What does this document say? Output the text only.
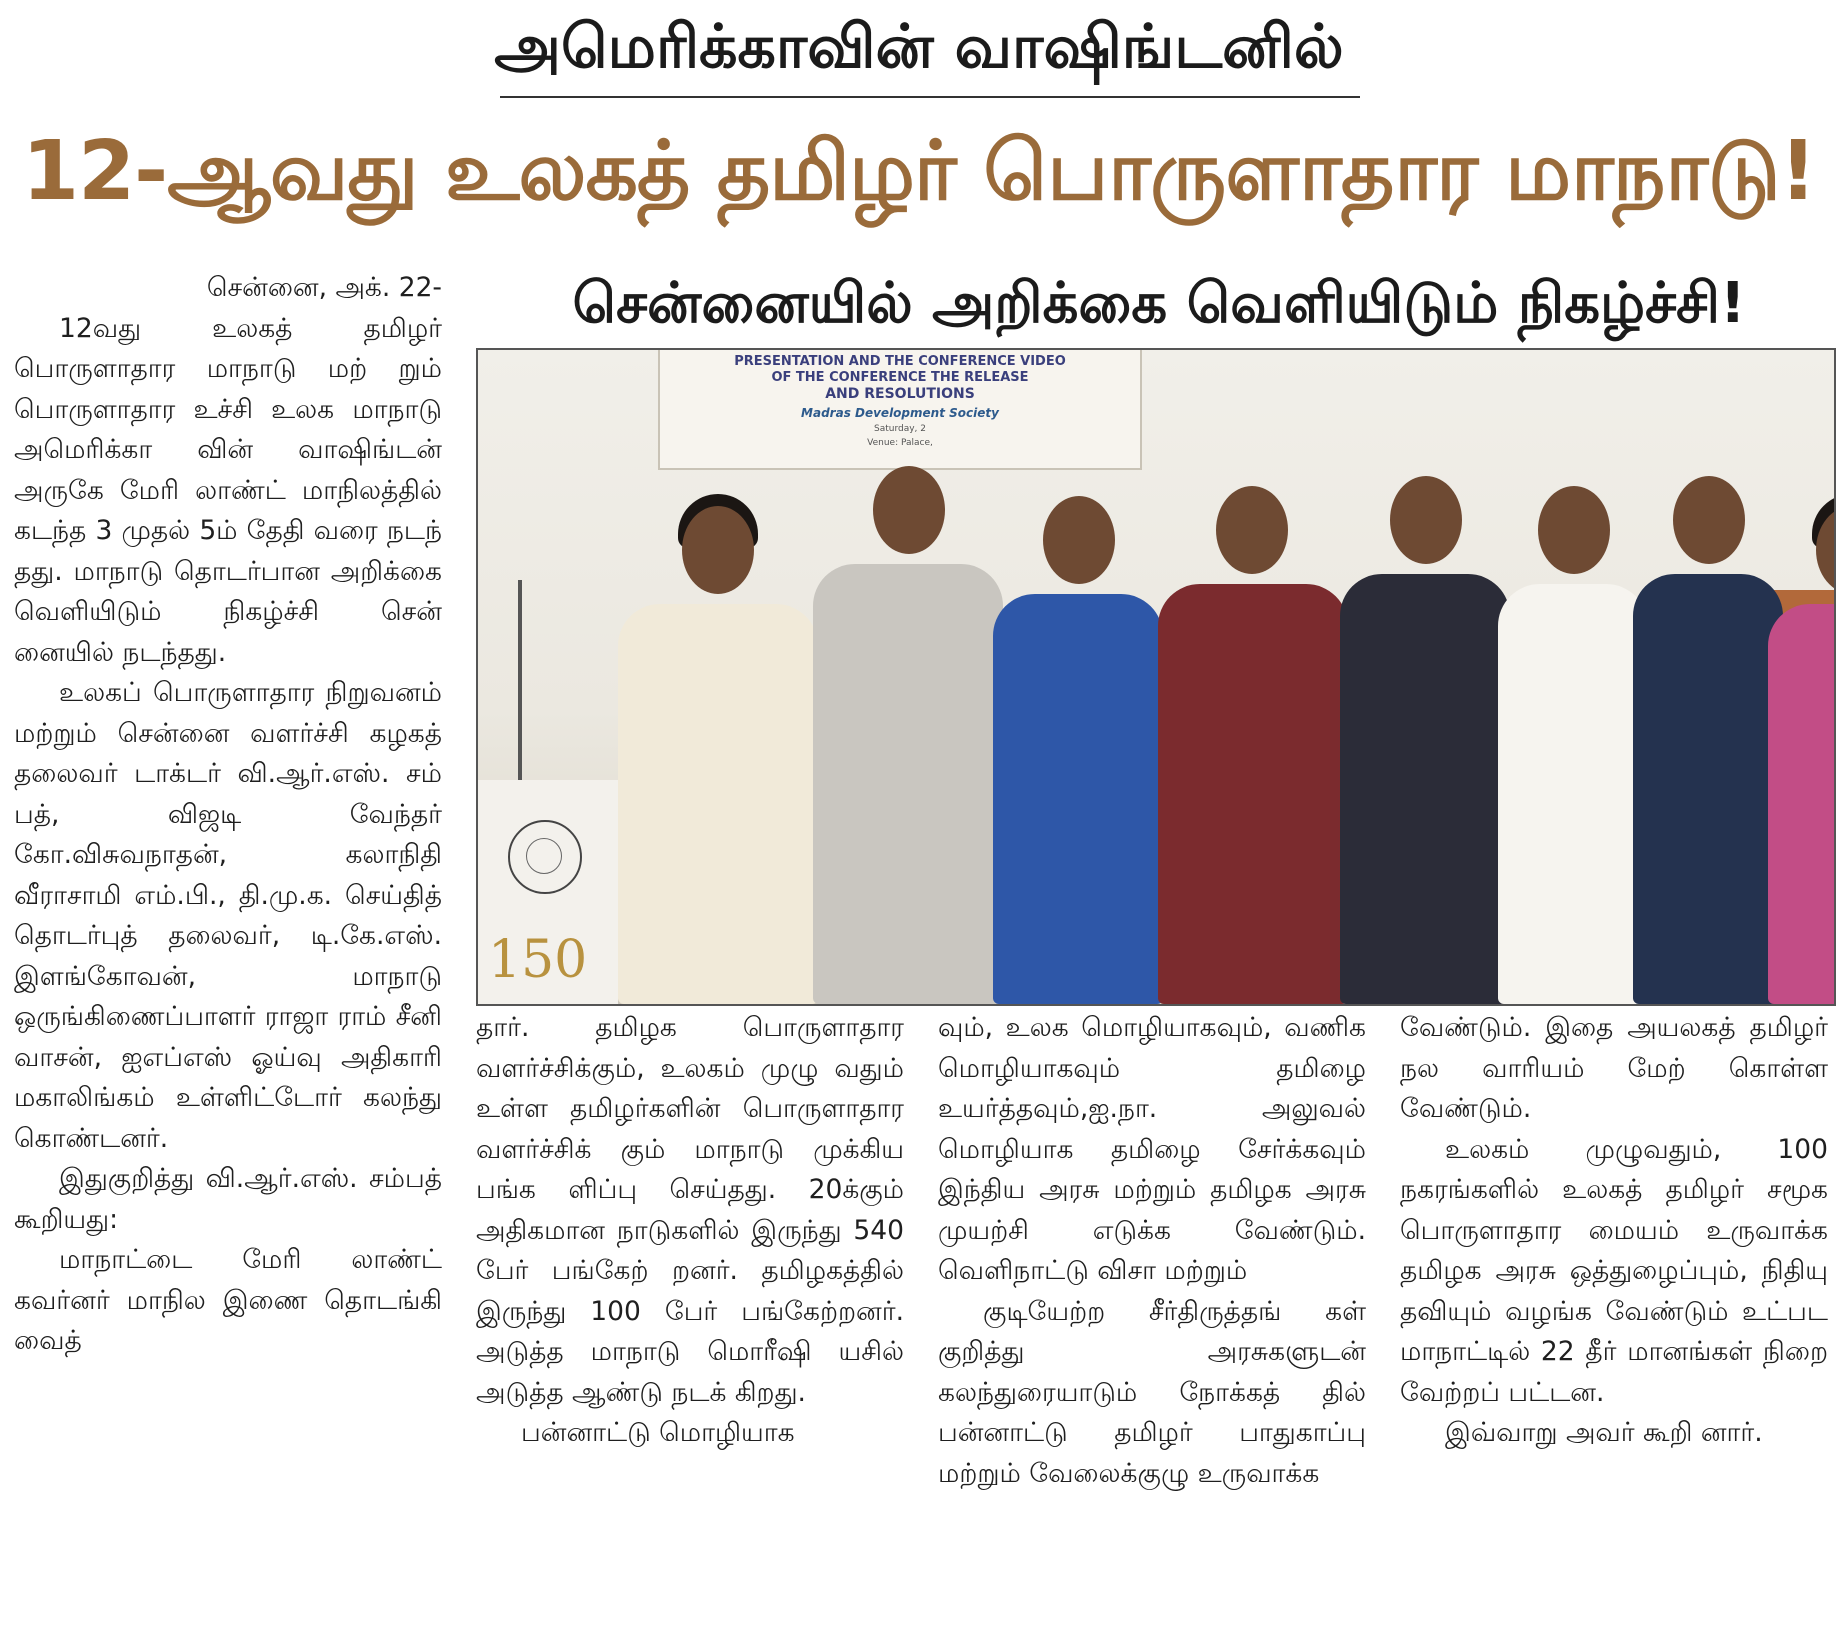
அமெரிக்காவின் வாஷிங்டனில்
12-ஆவது உலகத் தமிழர் பொருளாதார மாநாடு!
சென்னையில் அறிக்கை வெளியிடும் நிகழ்ச்சி!
PRESENTATION AND THE CONFERENCE VIDEO
OF THE CONFERENCE THE RELEASE
AND RESOLUTIONS
Madras Development Society
Saturday, 2
Venue: Palace,
150

சென்னை, அக். 22-

12வது உலகத் தமிழர் பொருளாதார மாநாடு மற் றும் பொருளாதார உச்சி உலக மாநாடு அமெரிக்கா வின் வாஷிங்டன் அருகே மேரி லாண்ட் மாநிலத்தில் கடந்த 3 முதல் 5ம் தேதி வரை நடந் தது. மாநாடு தொடர்பான அறிக்கை வெளியிடும் நிகழ்ச்சி சென் னையில் நடந்தது.

உலகப் பொருளாதார நிறுவனம் மற்றும் சென்னை வளர்ச்சி கழகத் தலைவர் டாக்டர் வி.ஆர்.எஸ். சம் பத், விஜடி வேந்தர் கோ.விசுவநாதன், கலாநிதி வீராசாமி எம்.பி., தி.மு.க. செய்தித் தொடர்புத் தலைவர், டி.கே.எஸ். இளங்கோவன், மாநாடு ஒருங்கிணைப்பாளர் ராஜா ராம் சீனி வாசன், ஐஎப்எஸ் ஓய்வு அதிகாரி மகாலிங்கம் உள்ளிட்டோர் கலந்து கொண்டனர்.

இதுகுறித்து வி.ஆர்.எஸ். சம்பத் கூறியது:

மாநாட்டை மேரி லாண்ட் கவர்னர் மாநில இணை தொடங்கி வைத்

தார். தமிழக பொருளாதார வளர்ச்சிக்கும், உலகம் முழு வதும் உள்ள தமிழர்களின் பொருளாதார வளர்ச்சிக் கும் மாநாடு முக்கிய பங்க ளிப்பு செய்தது. 20க்கும் அதிகமான நாடுகளில் இருந்து 540 பேர் பங்கேற் றனர். தமிழகத்தில் இருந்து 100 பேர் பங்கேற்றனர். அடுத்த மாநாடு மொரீஷி யசில் அடுத்த ஆண்டு நடக் கிறது.

பன்னாட்டு மொழியாக

வும், உலக மொழியாகவும், வணிக மொழியாகவும் தமிழை உயர்த்தவும்,ஐ.நா. அலுவல் மொழியாக தமிழை சேர்க்கவும் இந்திய அரசு மற்றும் தமிழக அரசு முயற்சி எடுக்க வேண்டும். வெளிநாட்டு விசா மற்றும்

குடியேற்ற சீர்திருத்தங் கள் குறித்து அரசுகளுடன் கலந்துரையாடும் நோக்கத் தில் பன்னாட்டு தமிழர் பாதுகாப்பு மற்றும் வேலைக்குழு உருவாக்க

வேண்டும். இதை அயலகத் தமிழர் நல வாரியம் மேற் கொள்ள வேண்டும்.

உலகம் முழுவதும், 100 நகரங்களில் உலகத் தமிழர் சமூக பொருளாதார மையம் உருவாக்க தமிழக அரசு ஒத்துழைப்பும், நிதியு தவியும் வழங்க வேண்டும் உட்பட மாநாட்டில் 22 தீர் மானங்கள் நிறை வேற்றப் பட்டன.

இவ்வாறு அவர் கூறி னார்.
